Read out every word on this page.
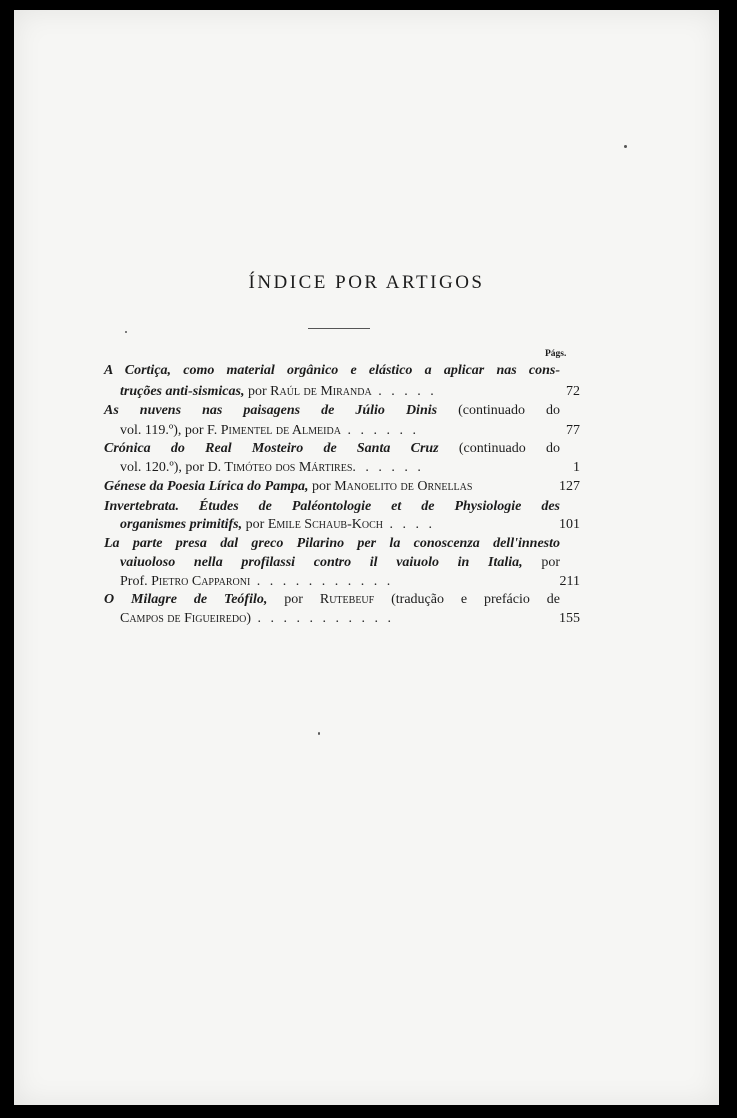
ÍNDICE POR ARTIGOS
Págs.
A Cortiça, como material orgânico e elástico a aplicar nas cons-
truções anti-sismicas, por Raúl de Miranda . . . . .	72
As nuvens nas paisagens de Júlio Dinis (continuado do
vol. 119.º), por F. Pimentel de Almeida . . . . . .	77
Crónica do Real Mosteiro de Santa Cruz (continuado do
vol. 120.º), por D. Timóteo dos Mártires. . . . . .	1
Génese da Poesia Lírica do Pampa, por Manoelito de Ornellas	127
Invertebrata. Études de Paléontologie et de Physiologie des
organismes primitifs, por Emile Schaub-Koch . . . .	101
La parte presa dal greco Pilarino per la conoscenza dell'innesto
vaiuoloso nella profilassi contro il vaiuolo in Italia, por
Prof. Pietro Capparoni . . . . . . . . . . .	211
O Milagre de Teófilo, por Rutebeuf (tradução e prefácio de
Campos de Figueiredo) . . . . . . . . . . .	155
